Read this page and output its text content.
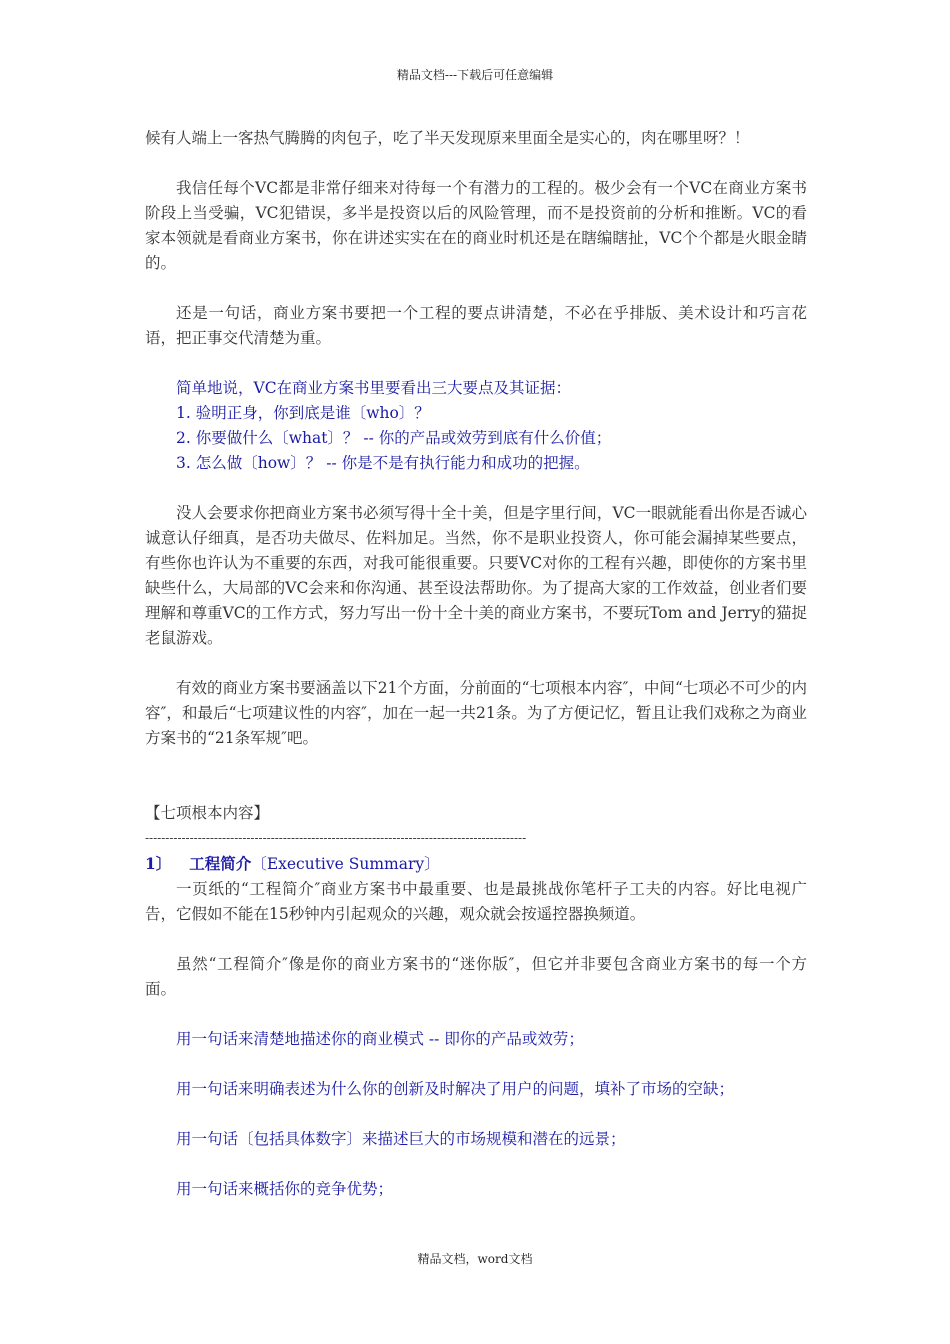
精品文档---下载后可任意编辑

候有人端上一客热气腾腾的肉包子，吃了半天发现原来里面全是实心的，肉在哪里呀？！

我信任每个VC都是非常仔细来对待每一个有潜力的工程的。极少会有一个VC在商业方案书阶段上当受骗，VC犯错误，多半是投资以后的风险管理，而不是投资前的分析和推断。VC的看家本领就是看商业方案书，你在讲述实实在在的商业时机还是在瞎编瞎扯，VC个个都是火眼金睛的。

还是一句话，商业方案书要把一个工程的要点讲清楚，不必在乎排版、美术设计和巧言花语，把正事交代清楚为重。

简单地说，VC在商业方案书里要看出三大要点及其证据：

1. 验明正身，你到底是谁〔who〕？

2. 你要做什么〔what〕？ -- 你的产品或效劳到底有什么价值；

3. 怎么做〔how〕？ -- 你是不是有执行能力和成功的把握。

没人会要求你把商业方案书必须写得十全十美，但是字里行间，VC一眼就能看出你是否诚心诚意认仔细真，是否功夫做尽、佐料加足。当然，你不是职业投资人，你可能会漏掉某些要点，有些你也许认为不重要的东西，对我可能很重要。只要VC对你的工程有兴趣，即使你的方案书里缺些什么，大局部的VC会来和你沟通、甚至设法帮助你。为了提高大家的工作效益，创业者们要理解和尊重VC的工作方式，努力写出一份十全十美的商业方案书，不要玩Tom and Jerry的猫捉老鼠游戏。

有效的商业方案书要涵盖以下21个方面，分前面的“七项根本内容″，中间“七项必不可少的内容″，和最后“七项建议性的内容″，加在一起一共21条。为了方便记忆，暂且让我们戏称之为商业方案书的“21条军规″吧。

【七项根本内容】

----------------------------------------------------------------------------------------------

1〕 工程简介〔Executive Summary〕

一页纸的“工程简介″商业方案书中最重要、也是最挑战你笔杆子工夫的内容。好比电视广告，它假如不能在15秒钟内引起观众的兴趣，观众就会按遥控器换频道。

虽然“工程简介″像是你的商业方案书的“迷你版″，但它并非要包含商业方案书的每一个方面。

用一句话来清楚地描述你的商业模式 -- 即你的产品或效劳；

用一句话来明确表述为什么你的创新及时解决了用户的问题，填补了市场的空缺；

用一句话〔包括具体数字〕来描述巨大的市场规模和潜在的远景；

用一句话来概括你的竞争优势；

精品文档，word文档
